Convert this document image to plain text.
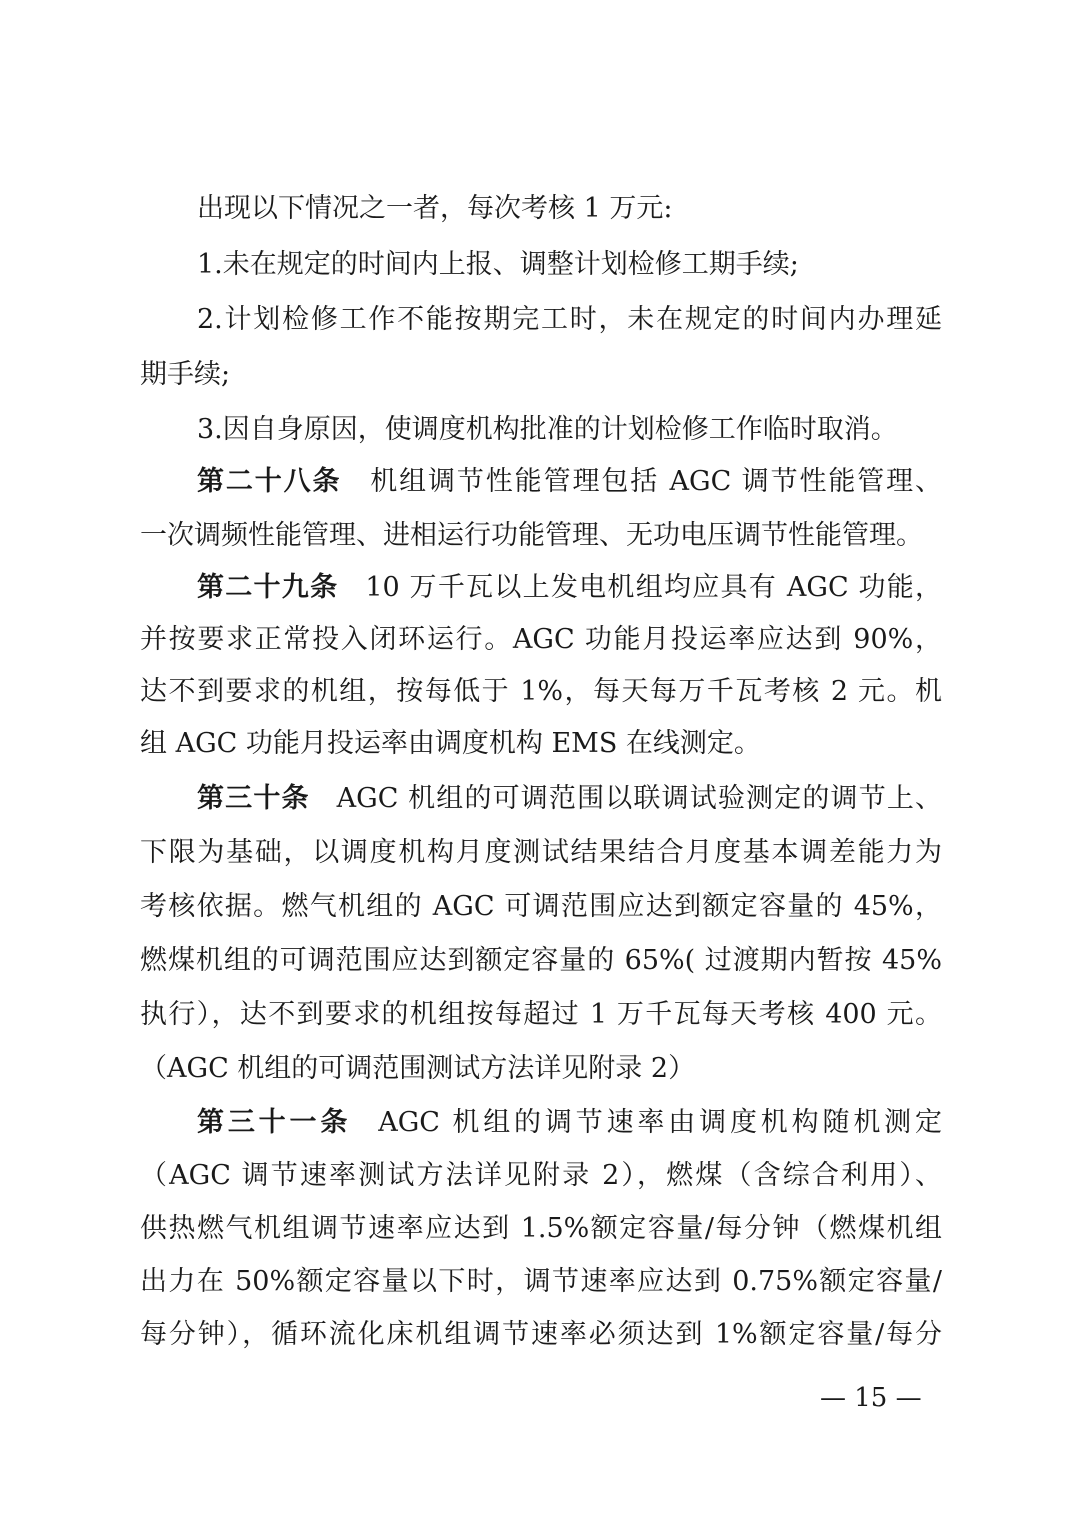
出现以下情况之一者，每次考核 1 万元:
1.未在规定的时间内上报、调整计划检修工期手续;
2.计划检修工作不能按期完工时，未在规定的时间内办理延
期手续;
3.因自身原因，使调度机构批准的计划检修工作临时取消。
第二十八条 机组调节性能管理包括 AGC 调节性能管理、
一次调频性能管理、进相运行功能管理、无功电压调节性能管理。
第二十九条 10 万千瓦以上发电机组均应具有 AGC 功能，
并按要求正常投入闭环运行。AGC 功能月投运率应达到 90%，
达不到要求的机组，按每低于 1%，每天每万千瓦考核 2 元。机
组 AGC 功能月投运率由调度机构 EMS 在线测定。
第三十条 AGC 机组的可调范围以联调试验测定的调节上、
下限为基础，以调度机构月度测试结果结合月度基本调差能力为
考核依据。燃气机组的 AGC 可调范围应达到额定容量的 45%，
燃煤机组的可调范围应达到额定容量的 65%( 过渡期内暂按 45%
执行），达不到要求的机组按每超过 1 万千瓦每天考核 400 元。
（AGC 机组的可调范围测试方法详见附录 2）
第三十一条 AGC 机组的调节速率由调度机构随机测定
（AGC 调节速率测试方法详见附录 2），燃煤（含综合利用）、
供热燃气机组调节速率应达到 1.5%额定容量/每分钟（燃煤机组
出力在 50%额定容量以下时，调节速率应达到 0.75%额定容量/
每分钟），循环流化床机组调节速率必须达到 1%额定容量/每分
— 15 —
